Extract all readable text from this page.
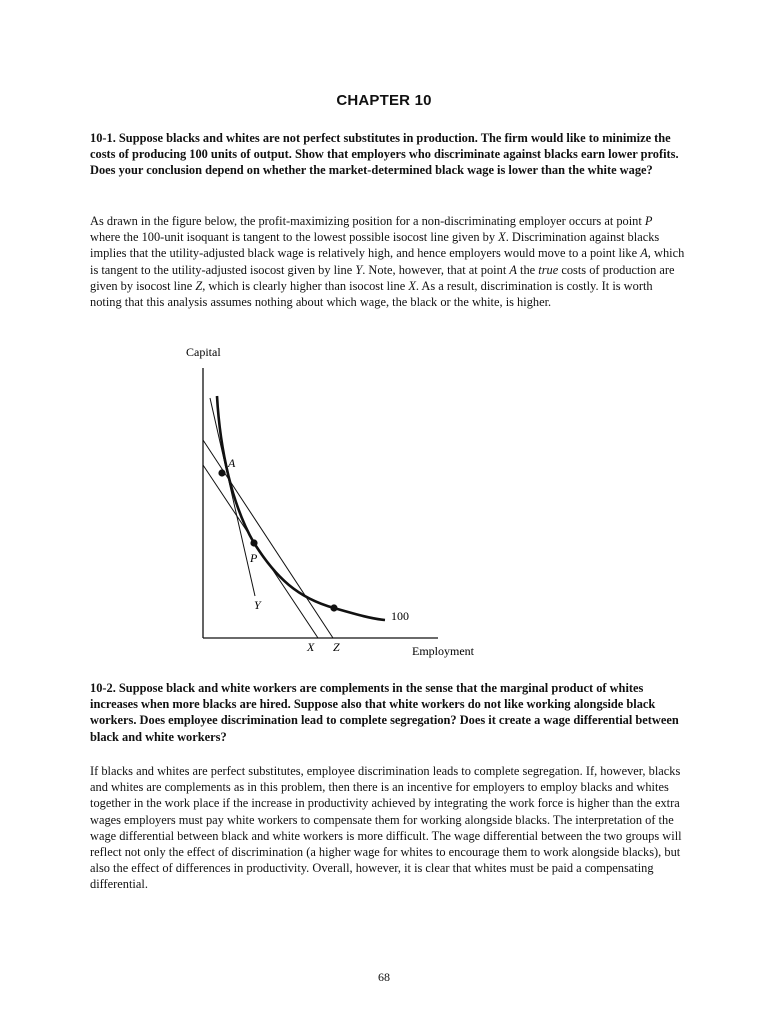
CHAPTER 10
10-1. Suppose blacks and whites are not perfect substitutes in production. The firm would like to minimize the costs of producing 100 units of output. Show that employers who discriminate against blacks earn lower profits. Does your conclusion depend on whether the market-determined black wage is lower than the white wage?
As drawn in the figure below, the profit-maximizing position for a non-discriminating employer occurs at point P where the 100-unit isoquant is tangent to the lowest possible isocost line given by X. Discrimination against blacks implies that the utility-adjusted black wage is relatively high, and hence employers would move to a point like A, which is tangent to the utility-adjusted isocost given by line Y. Note, however, that at point A the true costs of production are given by isocost line Z, which is clearly higher than isocost line X. As a result, discrimination is costly. It is worth noting that this analysis assumes nothing about which wage, the black or the white, is higher.
Capital
Employment
A
P
Y
X Z
100
10-2. Suppose black and white workers are complements in the sense that the marginal product of whites increases when more blacks are hired. Suppose also that white workers do not like working alongside black workers. Does employee discrimination lead to complete segregation? Does it create a wage differential between black and white workers?
If blacks and whites are perfect substitutes, employee discrimination leads to complete segregation. If, however, blacks and whites are complements as in this problem, then there is an incentive for employers to employ blacks and whites together in the work place if the increase in productivity achieved by integrating the work force is higher than the extra wages employers must pay white workers to compensate them for working alongside blacks. The interpretation of the wage differential between black and white workers is more difficult. The wage differential between the two groups will reflect not only the effect of discrimination (a higher wage for whites to encourage them to work alongside blacks), but also the effect of differences in productivity. Overall, however, it is clear that whites must be paid a compensating differential.
68
